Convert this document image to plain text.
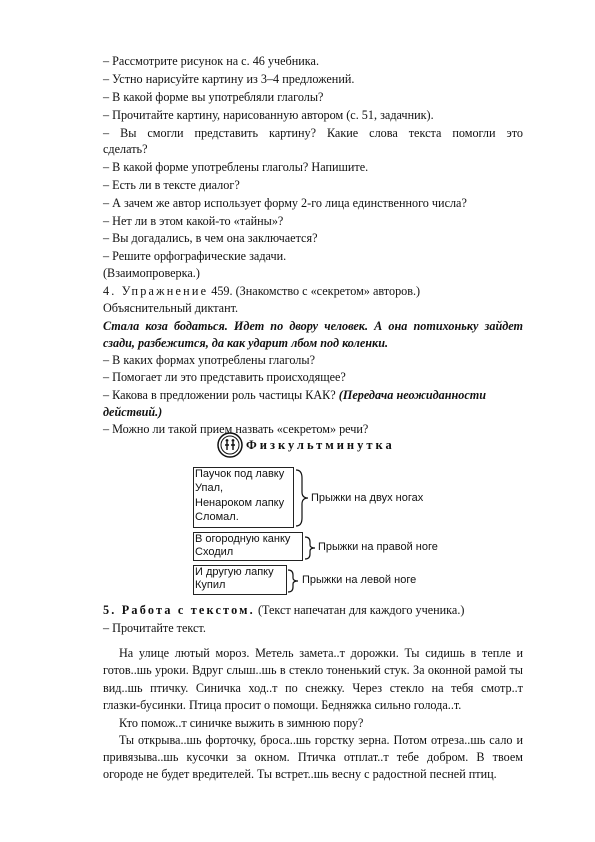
– Рассмотрите рисунок на с. 46 учебника.
– Устно нарисуйте картину из 3–4 предложений.
– В какой форме вы употребляли глаголы?
– Прочитайте картину, нарисованную автором (с. 51, задачник).
– Вы смогли представить картину? Какие слова текста помогли это
сделать?
– В какой форме употреблены глаголы? Напишите.
– Есть ли в тексте диалог?
– А зачем же автор использует форму 2-го лица единственного числа?
– Нет ли в этом какой-то «тайны»?
– Вы догадались, в чем она заключается?
– Решите орфографические задачи.
(Взаимопроверка.)
4. Упражнение 459. (Знакомство с «секретом» авторов.)
Объяснительный диктант.
Стала коза бодаться. Идет по двору человек. А она потихоньку зайдет
сзади, разбежится, да как ударит лбом под коленки.
– В каких формах употреблены глаголы?
– Помогает ли это представить происходящее?
– Какова в предложении роль частицы КАК? (Передача неожиданности
действий.)
– Можно ли такой прием назвать «секретом» речи?
Физкультминутка
Паучок под лавку
Упал,
Ненароком лапку
Сломал.
Прыжки на двух ногах
В огородную канку
Сходил	Прыжки на правой ноге
И другую лапку
Купил	Прыжки на левой ноге
5. Работа с текстом. (Текст напечатан для каждого ученика.)
– Прочитайте текст.
На улице лютый мороз. Метель замета..т дорожки. Ты сидишь в тепле и
готов..шь уроки. Вдруг слыш..шь в стекло тоненький стук. За оконной рамой ты
вид..шь птичку. Синичка ход..т по снежку. Через стекло на тебя смотр..т
глазки-бусинки. Птица просит о помощи. Бедняжка сильно голода..т.
Кто помож..т синичке выжить в зимнюю пору?
Ты открыва..шь форточку, броса..шь горстку зерна. Потом отреза..шь сало и
привязыва..шь кусочки за окном. Птичка отплат..т тебе добром. В твоем
огороде не будет вредителей. Ты встрет..шь весну с радостной песней птиц.
